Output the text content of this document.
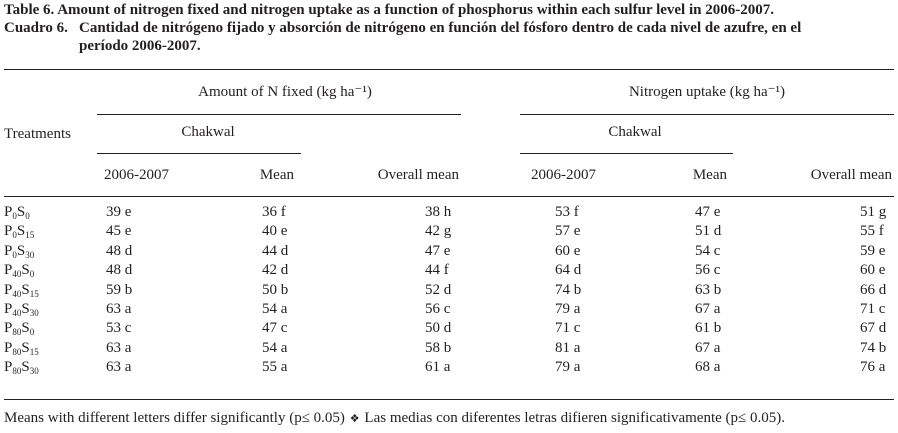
Table 6. Amount of nitrogen fixed and nitrogen uptake as a function of phosphorus within each sulfur level in 2006-2007.
Cuadro 6. Cantidad de nitrógeno fijado y absorción de nitrógeno en función del fósforo dentro de cada nivel de azufre, en el
período 2006-2007.
Treatments
Amount of N fixed (kg ha⁻¹)	Nitrogen uptake (kg ha⁻¹)
Chakwal	Chakwal
2006-2007	Mean	Overall mean	2006-2007	Mean	Overall mean
$P_0S_0$	39 e	36 f	38 h	53 f	47 e	51 g
$P_0S_{15}$	45 e	40 e	42 g	57 e	51 d	55 f
$P_0S_{30}$	48 d	44 d	47 e	60 e	54 c	59 e
$P_{40}S_0$	48 d	42 d	44 f	64 d	56 c	60 e
$P_{40}S_{15}$	59 b	50 b	52 d	74 b	63 b	66 d
$P_{40}S_{30}$	63 a	54 a	56 c	79 a	67 a	71 c
$P_{80}S_0$	53 c	47 c	50 d	71 c	61 b	67 d
$P_{80}S_{15}$	63 a	54 a	58 b	81 a	67 a	74 b
$P_{80}S_{30}$	63 a	55 a	61 a	79 a	68 a	76 a
Means with different letters differ significantly (p≤ 0.05) ❖ Las medias con diferentes letras difieren significativamente (p≤ 0.05).
